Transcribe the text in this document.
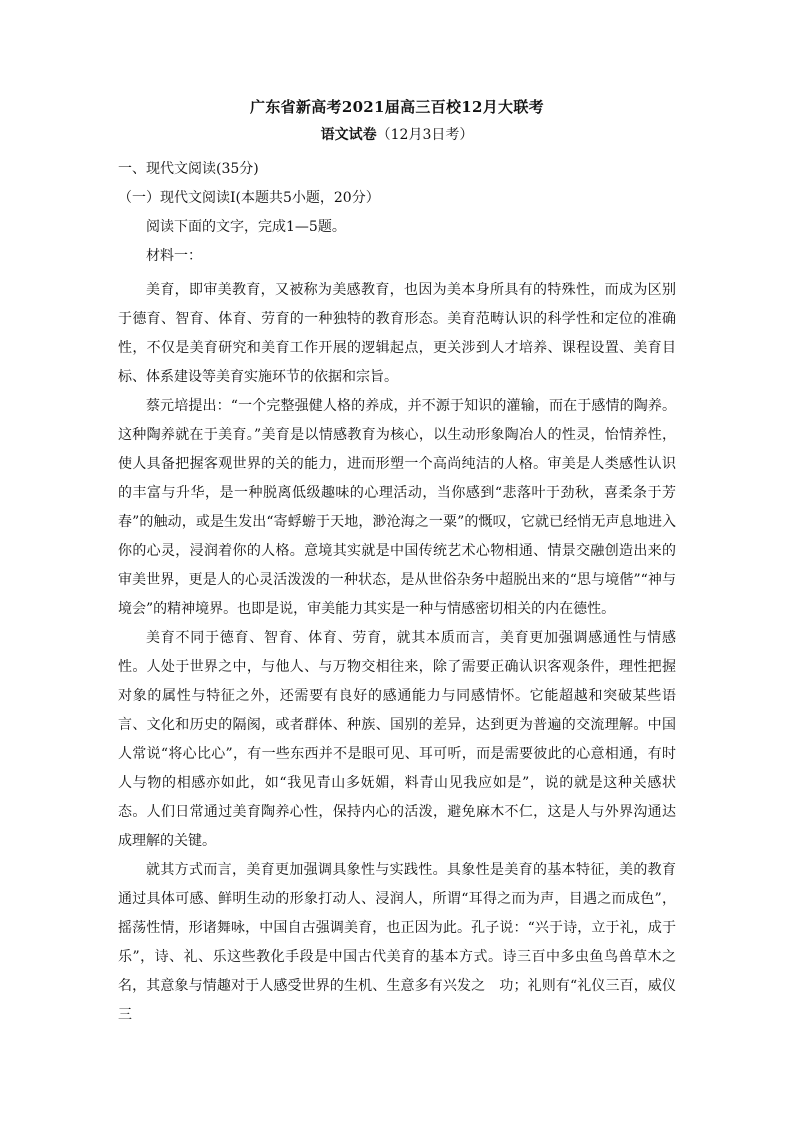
广东省新高考2021届高三百校12月大联考
语文试卷（12月3日考）
一、现代文阅读(35分)
（一）现代文阅读Ⅰ(本题共5小题，20分）
阅读下面的文字，完成1—5题。
材料一：

美育，即审美教育，又被称为美感教育，也因为美本身所具有的特殊性，而成为区别于德育、智育、体育、劳育的一种独特的教育形态。美育范畴认识的科学性和定位的准确性，不仅是美育研究和美育工作开展的逻辑起点，更关涉到人才培养、课程设置、美育目标、体系建设等美育实施环节的依据和宗旨。

蔡元培提出：“一个完整强健人格的养成，并不源于知识的灌输，而在于感情的陶养。这种陶养就在于美育。”美育是以情感教育为核心，以生动形象陶冶人的性灵，怡情养性，使人具备把握客观世界的关的能力，进而形塑一个高尚纯洁的人格。审美是人类感性认识的丰富与升华，是一种脱离低级趣味的心理活动，当你感到“悲落叶于劲秋，喜柔条于芳春”的触动，或是生发出“寄蜉蝣于天地，渺沧海之一粟”的慨叹，它就已经悄无声息地进入你的心灵，浸润着你的人格。意境其实就是中国传统艺术心物相通、情景交融创造出来的审美世界，更是人的心灵活泼泼的一种状态，是从世俗杂务中超脱出来的“思与境偕”“神与境会”的精神境界。也即是说，审美能力其实是一种与情感密切相关的内在德性。

美育不同于德育、智育、体育、劳育，就其本质而言，美育更加强调感通性与情感性。人处于世界之中，与他人、与万物交相往来，除了需要正确认识客观条件，理性把握对象的属性与特征之外，还需要有良好的感通能力与同感情怀。它能超越和突破某些语言、文化和历史的隔阂，或者群体、种族、国别的差异，达到更为普遍的交流理解。中国人常说“将心比心”，有一些东西并不是眼可见、耳可听，而是需要彼此的心意相通，有时人与物的相感亦如此，如“我见青山多妩媚，料青山见我应如是”，说的就是这种关感状态。人们日常通过美育陶养心性，保持内心的活泼，避免麻木不仁，这是人与外界沟通达成理解的关键。

就其方式而言，美育更加强调具象性与实践性。具象性是美育的基本特征，美的教育通过具体可感、鲜明生动的形象打动人、浸润人，所谓“耳得之而为声，目遇之而成色”，摇荡性情，形诸舞咏，中国自古强调美育，也正因为此。孔子说：“兴于诗，立于礼，成于乐”，诗、礼、乐这些教化手段是中国古代美育的基本方式。诗三百中多虫鱼鸟兽草木之名，其意象与情趣对于人感受世界的生机、生意多有兴发之　功；礼则有“礼仪三百，威仪三
